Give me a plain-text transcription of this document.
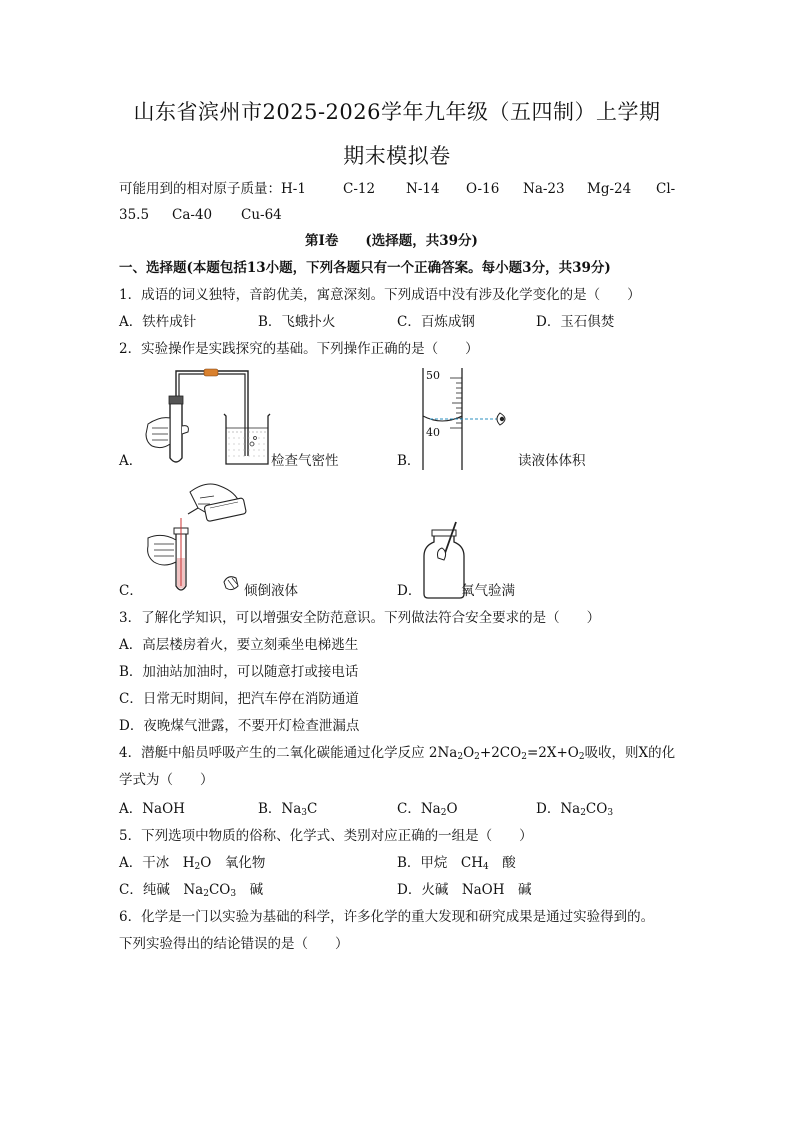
山东省滨州市2025-2026学年九年级（五四制）上学期
期末模拟卷
可能用到的相对原子质量：H-1	C-12 N-14 O-16 Na-23 Mg-24 Cl-
35.5 Ca-40 Cu-64
第I卷　　(选择题，共39分)
一、选择题(本题包括13小题，下列各题只有一个正确答案。每小题3分，共39分)
1．成语的词义独特，音韵优美，寓意深刻。下列成语中没有涉及化学变化的是（　　）
A．铁杵成针	B．飞蛾扑火	C．百炼成钢	D．玉石俱焚
2．实验操作是实践探究的基础。下列操作正确的是（　　）
A．	检查气密性
50
40
B．	读液体体积
C．	倾倒液体	D．	氧气验满
3．了解化学知识，可以增强安全防范意识。下列做法符合安全要求的是（　　）
A．高层楼房着火，要立刻乘坐电梯逃生
B．加油站加油时，可以随意打或接电话
C．日常无时期间，把汽车停在消防通道
D．夜晚煤气泄露，不要开灯检查泄漏点
4．潜艇中船员呼吸产生的二氧化碳能通过化学反应 $2Na_2O_2+2CO_2=2X+O_2$吸收，则X的化
学式为（　　）
A．NaOH	B．$Na_3C$	C．$Na_2O$	D．$Na_2CO_3$
5．下列选项中物质的俗称、化学式、类别对应正确的一组是（　　）
A．干冰　$H_2O$　氧化物	B．甲烷　$CH_4$　酸
C．纯碱　$Na_2CO_3$　碱	D．火碱　NaOH　碱
6．化学是一门以实验为基础的科学，许多化学的重大发现和研究成果是通过实验得到的。
下列实验得出的结论错误的是（　　）
